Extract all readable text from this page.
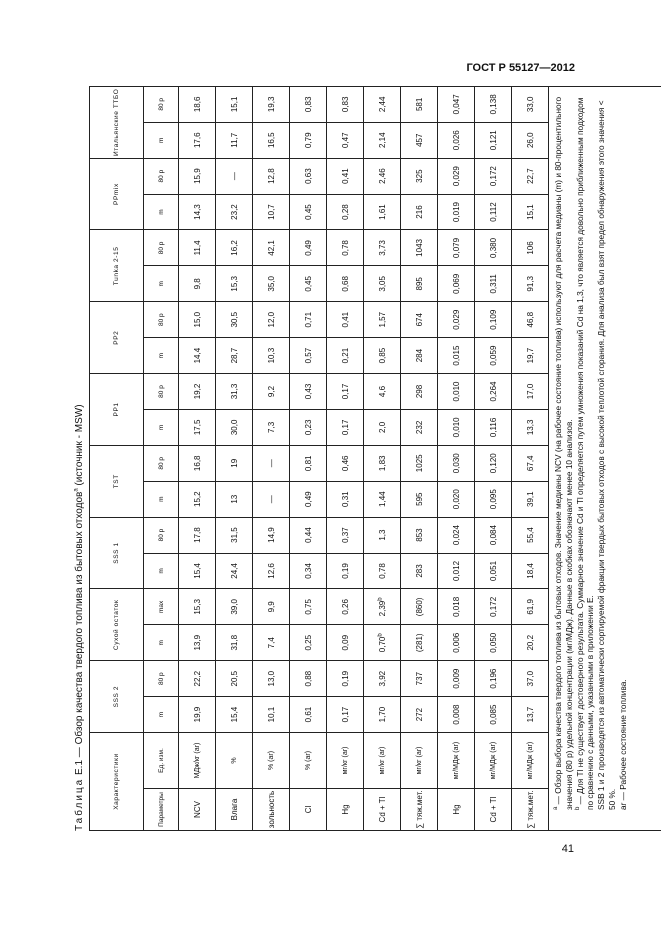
ГОСТ Р 55127—2012
Таблица Е.1 — Обзор качества твердого топлива из бытовых отходов$^a$ (источник - MSW)
Характеристики		SSS 2		Сухой остаток		SSS 1		TST		PP1		PP2		Tunka 2-15		PPmix		Итальянские ТТБО	
Параметры	Ед. изм.	m	80 p	m	max	m	80 p	m	80 p	m	80 p	m	80 p	m	80 p	m	80 p	m	80 p
NCV	МДж/кг (ar)	19,9	22,2	13,9	15,3	15,4	17,8	15,2	16,8	17,5	19,2	14,4	15,0	9,8	11,4	14,3	15,9	17,6	18,6
Влага	%	15,4	20,5	31,8	39,0	24,4	31,5	13	19	30,0	31,3	28,7	30,5	15,3	16,2	23,2	—	11,7	15,1
зольность	% (ar)	10,1	13,0	7,4	9,9	12,6	14,9	—	—	7,3	9,2	10,3	12,0	35,0	42,1	10,7	12,8	16,5	19,3
Cl	% (ar)	0,61	0,88	0,25	0,75	0,34	0,44	0,49	0,81	0,23	0,43	0,57	0,71	0,45	0,49	0,45	0,63	0,79	0,83
Hg	мг/кг (ar)	0,17	0,19	0,09	0,26	0,19	0,37	0,31	0,46	0,17	0,17	0,21	0,41	0,68	0,78	0,28	0,41	0,47	0,83
Cd + Tl	мг/кг (ar)	1,70	3,92	0,70$^b$	2,39$^b$	0,78	1,3	1,44	1,83	2,0	4,6	0,85	1,57	3,05	3,73	1,61	2,46	2,14	2,44
∑ тяж.мет.	мг/кг (ar)	272	737	(281)	(860)	283	853	595	1025	232	298	284	674	895	1043	216	325	457	581
Hg	мг/МДж (ar)	0,008	0,009	0,006	0,018	0,012	0,024	0,020	0,030	0,010	0,010	0,015	0,029	0,069	0,079	0,019	0,029	0,026	0,047
Cd + Tl	мг/МДж (ar)	0,085	0,196	0,050	0,172	0,051	0,084	0,095	0,120	0,116	0,264	0,059	0,109	0,311	0,380	0,112	0,172	0,121	0,138
∑ тяж.мет.	мг/МДж (ar)	13,7	37,0	20,2	61,9	18,4	55,4	39,1	67,4	13,3	17,0	19,7	46,8	91,3	106	15,1	22,7	26,0	33,0

$^a$ — Обзор выбора качества твердого топлива из бытовых отходов. Значение медианы NCV (на рабочее состояние топлива) используют для расчета медианы (m) и 80-процентильного значения (80 p) удельной концентрации (мг/МДж). Данные в скобках обозначают менее 10 анализов. $^b$ — Для Tl не существует достоверного результата. Суммарное значение Cd и Tl определяется путем умножения показаний Cd на 1,3, что является довольно приближенным подходом по сравнению с данными, указанными в приложении Е. SSB 1 и 2 производятся из автоматически сортируемой фракции твердых бытовых отходов с высокой теплотой сгорания. Для анализа был взят предел обнаружения этого значения < 50 %. ar — Рабочее состояние топлива.																			

41
